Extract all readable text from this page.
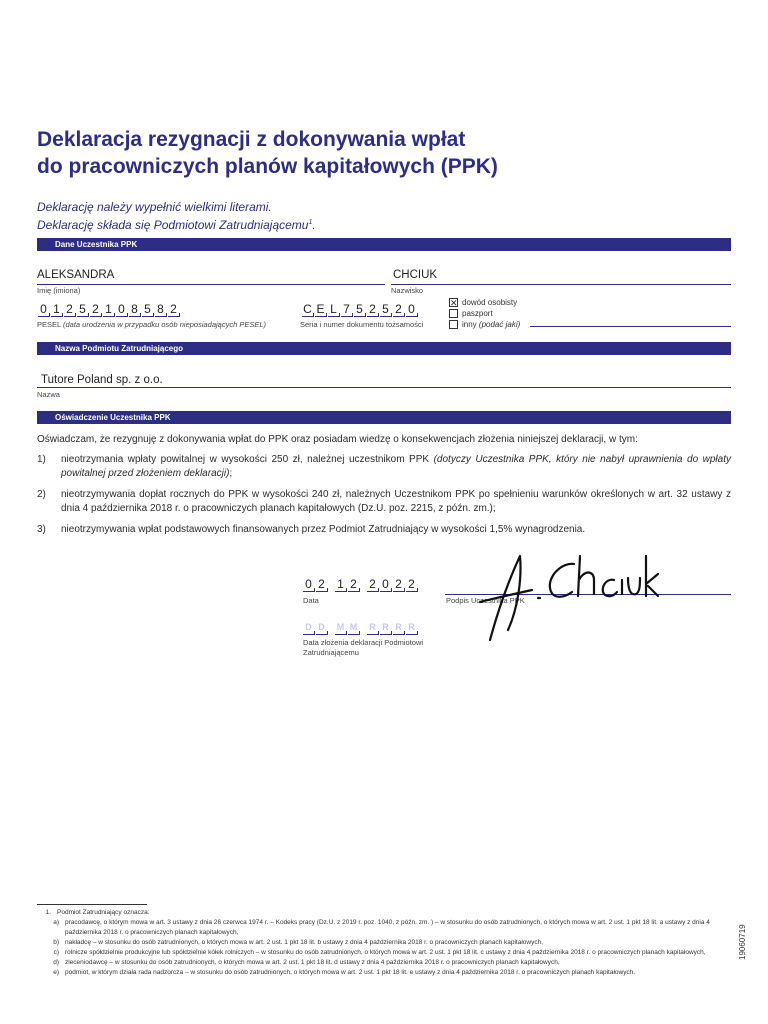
Deklaracja rezygnacji z dokonywania wpłat
do pracowniczych planów kapitałowych (PPK)
Deklarację należy wypełnić wielkimi literami.
Deklarację składa się Podmiotowi Zatrudniającemu$^1$.
Dane Uczestnika PPK
ALEKSANDRA
Imię (imiona)
CHCIUK
Nazwisko
0 1 2 5 2 1 0 8 5 8 2
PESEL (data urodzenia w przypadku osób nieposiadających PESEL)
C E L 7 5 2 5 2 0
Seria i numer dokumentu tożsamości
✕ dowód osobisty
paszport
inny (podać jaki)
Nazwa Podmiotu Zatrudniającego
Tutore Poland sp. z o.o.
Nazwa
Oświadczenie Uczestnika PPK
Oświadczam, że rezygnuję z dokonywania wpłat do PPK oraz posiadam wiedzę o konsekwencjach złożenia niniejszej deklaracji, w tym:
1)	nieotrzymania wpłaty powitalnej w wysokości 250 zł, należnej uczestnikom PPK (dotyczy Uczestnika PPK, który nie nabył uprawnienia do wpłaty powitalnej przed złożeniem deklaracji);
2)	nieotrzymywania dopłat rocznych do PPK w wysokości 240 zł, należnych Uczestnikom PPK po spełnieniu warunków określonych w art. 32 ustawy z dnia 4 października 2018 r. o pracowniczych planach kapitałowych (Dz.U. poz. 2215, z późn. zm.);
3)	nieotrzymywania wpłat podstawowych finansowanych przez Podmiot Zatrudniający w wysokości 1,5% wynagrodzenia.
0 2 1 2 2 0 2 2
Data	Podpis Uczestnika PPK
D D	M M	R R R R
Data złożenia deklaracji Podmiotowi
Zatrudniającemu
1. Podmiot Zatrudniający oznacza:
a) pracodawcę, o którym mowa w art. 3 ustawy z dnia 26 czerwca 1974 r. – Kodeks pracy (Dz.U. z 2019 r. poz. 1040, z późn. zm. ) – w stosunku do osób zatrudnionych, o których mowa w art. 2 ust. 1 pkt 18 lit. a ustawy z dnia 4 października 2018 r. o pracowniczych planach kapitałowych,
b) nakładcę – w stosunku do osób zatrudnionych, o których mowa w art. 2 ust. 1 pkt 18 lit. b ustawy z dnia 4 października 2018 r. o pracowniczych planach kapitałowych,
c) rolnicze spółdzielnie produkcyjne lub spółdzielnie kółek rolniczych – w stosunku do osób zatrudnionych, o których mowa w art. 2 ust. 1 pkt 18 lit. c ustawy z dnia 4 października 2018 r. o pracowniczych planach kapitałowych,
d) zleceniodawcę – w stosunku do osób zatrudnionych, o których mowa w art. 2 ust. 1 pkt 18 lit. d ustawy z dnia 4 października 2018 r. o pracowniczych planach kapitałowych,
e) podmiot, w którym działa rada nadzorcza – w stosunku do osób zatrudnionych, o których mowa w art. 2 ust. 1 pkt 18 lit. e ustawy z dnia 4 października 2018 r. o pracowniczych planach kapitałowych.
19060719
